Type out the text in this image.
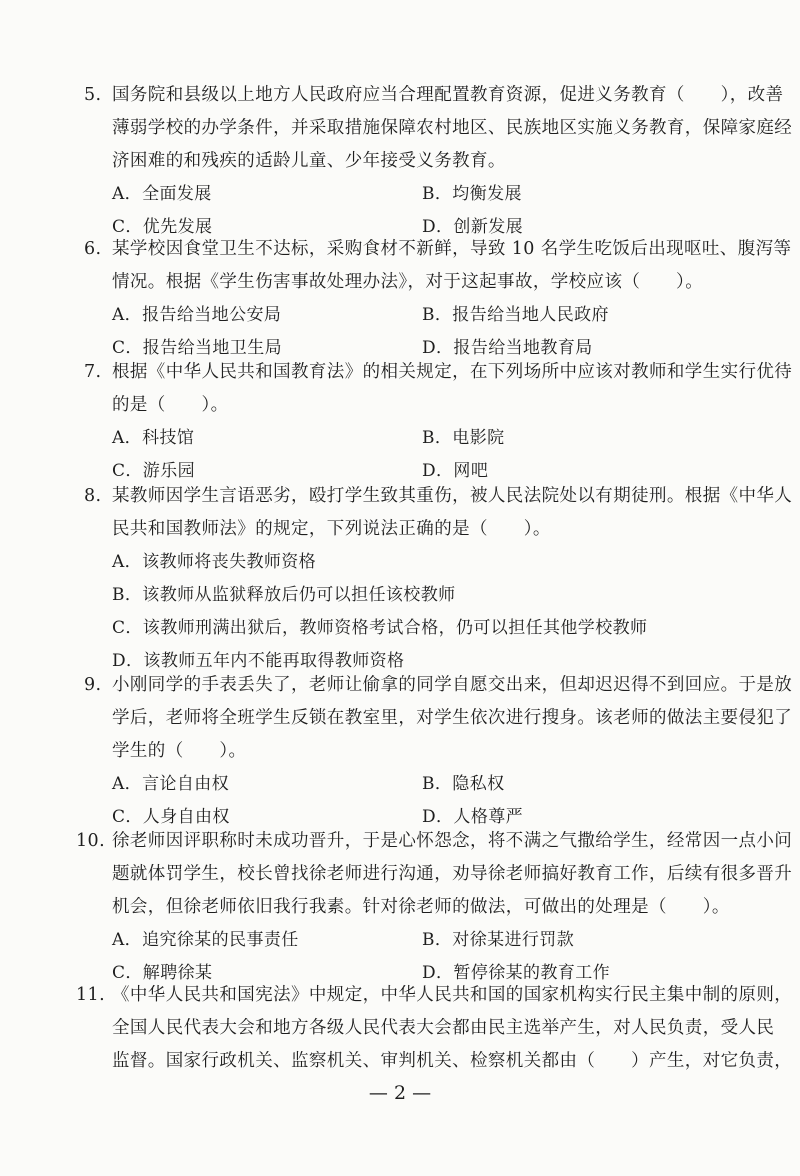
5. 国务院和县级以上地方人民政府应当合理配置教育资源，促进义务教育（　　），改善
薄弱学校的办学条件，并采取措施保障农村地区、民族地区实施义务教育，保障家庭经
济困难的和残疾的适龄儿童、少年接受义务教育。
A．全面发展	B．均衡发展
C．优先发展	D．创新发展
6. 某学校因食堂卫生不达标，采购食材不新鲜，导致 10 名学生吃饭后出现呕吐、腹泻等
情况。根据《学生伤害事故处理办法》，对于这起事故，学校应该（　　）。
A．报告给当地公安局	B．报告给当地人民政府
C．报告给当地卫生局	D．报告给当地教育局
7. 根据《中华人民共和国教育法》的相关规定，在下列场所中应该对教师和学生实行优待
的是（　　）。
A．科技馆	B．电影院
C．游乐园	D．网吧
8. 某教师因学生言语恶劣，殴打学生致其重伤，被人民法院处以有期徒刑。根据《中华人
民共和国教师法》的规定，下列说法正确的是（　　）。
A．该教师将丧失教师资格
B．该教师从监狱释放后仍可以担任该校教师
C．该教师刑满出狱后，教师资格考试合格，仍可以担任其他学校教师
D．该教师五年内不能再取得教师资格
9. 小刚同学的手表丢失了，老师让偷拿的同学自愿交出来，但却迟迟得不到回应。于是放
学后，老师将全班学生反锁在教室里，对学生依次进行搜身。该老师的做法主要侵犯了
学生的（　　）。
A．言论自由权	B．隐私权
C．人身自由权	D．人格尊严
10. 徐老师因评职称时未成功晋升，于是心怀怨念，将不满之气撒给学生，经常因一点小问
题就体罚学生，校长曾找徐老师进行沟通，劝导徐老师搞好教育工作，后续有很多晋升
机会，但徐老师依旧我行我素。针对徐老师的做法，可做出的处理是（　　）。
A．追究徐某的民事责任	B．对徐某进行罚款
C．解聘徐某	D．暂停徐某的教育工作
11. 《中华人民共和国宪法》中规定，中华人民共和国的国家机构实行民主集中制的原则，
全国人民代表大会和地方各级人民代表大会都由民主选举产生，对人民负责，受人民
监督。国家行政机关、监察机关、审判机关、检察机关都由（　　）产生，对它负责，
— 2 —
